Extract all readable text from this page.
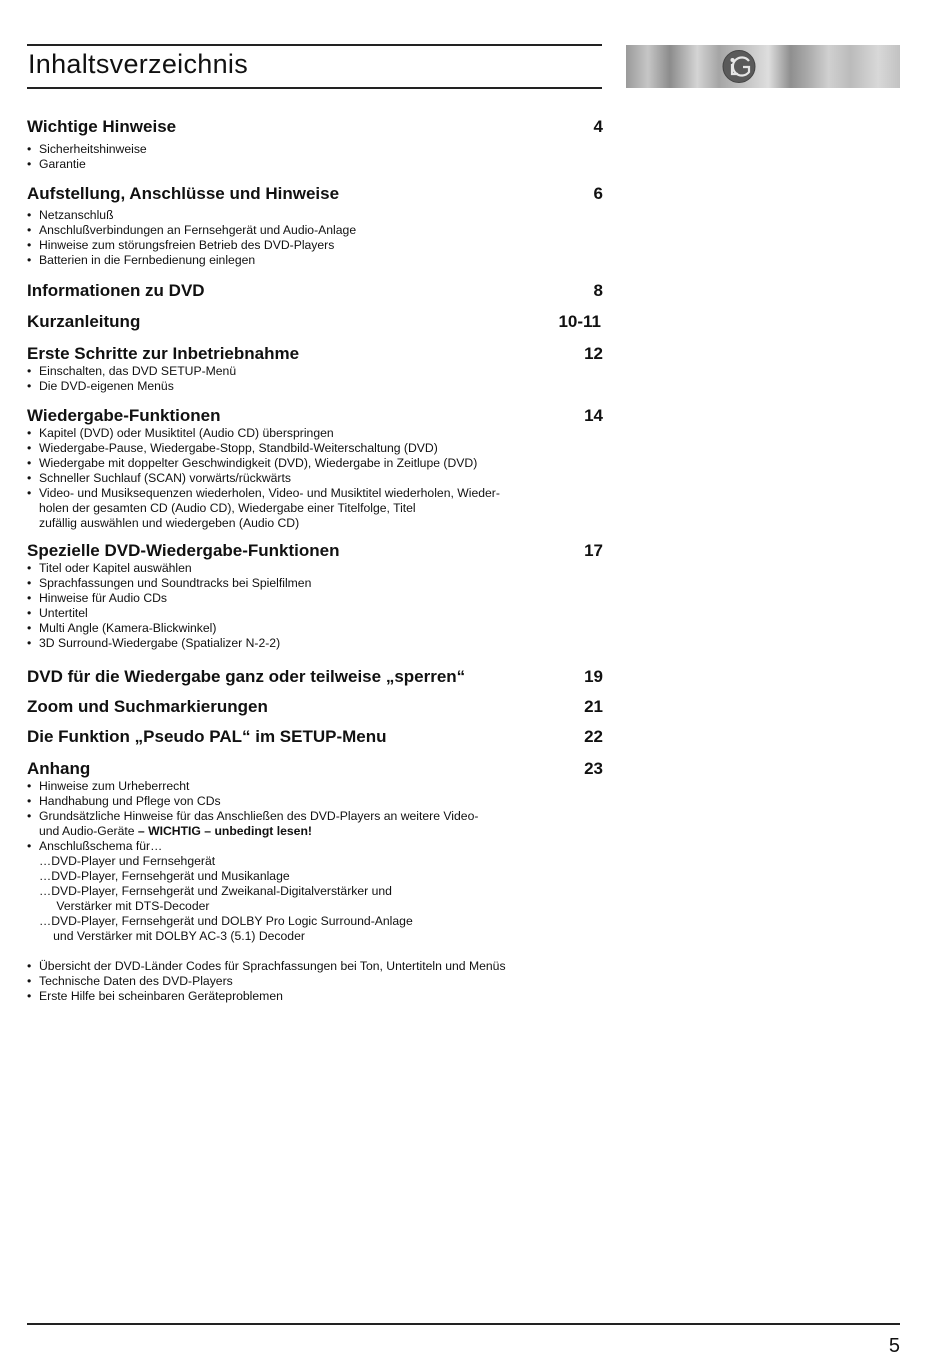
Inhaltsverzeichnis
Wichtige Hinweise	4
• Sicherheitshinweise
• Garantie
Aufstellung, Anschlüsse und Hinweise	6
• Netzanschluß
• Anschlußverbindungen an Fernsehgerät und Audio-Anlage
• Hinweise zum störungsfreien Betrieb des DVD-Players
• Batterien in die Fernbedienung einlegen
Informationen zu DVD	8
Kurzanleitung	10-11
Erste Schritte zur Inbetriebnahme	12
• Einschalten, das DVD SETUP-Menü
• Die DVD-eigenen Menüs
Wiedergabe-Funktionen	14
• Kapitel (DVD) oder Musiktitel (Audio CD) überspringen
• Wiedergabe-Pause, Wiedergabe-Stopp, Standbild-Weiterschaltung (DVD)
• Wiedergabe mit doppelter Geschwindigkeit (DVD), Wiedergabe in Zeitlupe (DVD)
• Schneller Suchlauf (SCAN) vorwärts/rückwärts
• Video- und Musiksequenzen wiederholen, Video- und Musiktitel wiederholen, Wieder-
holen der gesamten CD (Audio CD), Wiedergabe einer Titelfolge, Titel
zufällig auswählen und wiedergeben (Audio CD)
Spezielle DVD-Wiedergabe-Funktionen	17
• Titel oder Kapitel auswählen
• Sprachfassungen und Soundtracks bei Spielfilmen
• Hinweise für Audio CDs
• Untertitel
• Multi Angle (Kamera-Blickwinkel)
• 3D Surround-Wiedergabe (Spatializer N-2-2)
DVD für die Wiedergabe ganz oder teilweise „sperren“	19
Zoom und Suchmarkierungen	21
Die Funktion „Pseudo PAL“ im SETUP-Menu	22
Anhang	23
• Hinweise zum Urheberrecht
• Handhabung und Pflege von CDs
• Grundsätzliche Hinweise für das Anschließen des DVD-Players an weitere Video-
und Audio-Geräte – WICHTIG – unbedingt lesen!
• Anschlußschema für…
…DVD-Player und Fernsehgerät
…DVD-Player, Fernsehgerät und Musikanlage
…DVD-Player, Fernsehgerät und Zweikanal-Digitalverstärker und
Verstärker mit DTS-Decoder
…DVD-Player, Fernsehgerät und DOLBY Pro Logic Surround-Anlage
und Verstärker mit DOLBY AC-3 (5.1) Decoder
• Übersicht der DVD-Länder Codes für Sprachfassungen bei Ton, Untertiteln und Menüs
• Technische Daten des DVD-Players
• Erste Hilfe bei scheinbaren Geräteproblemen
5
